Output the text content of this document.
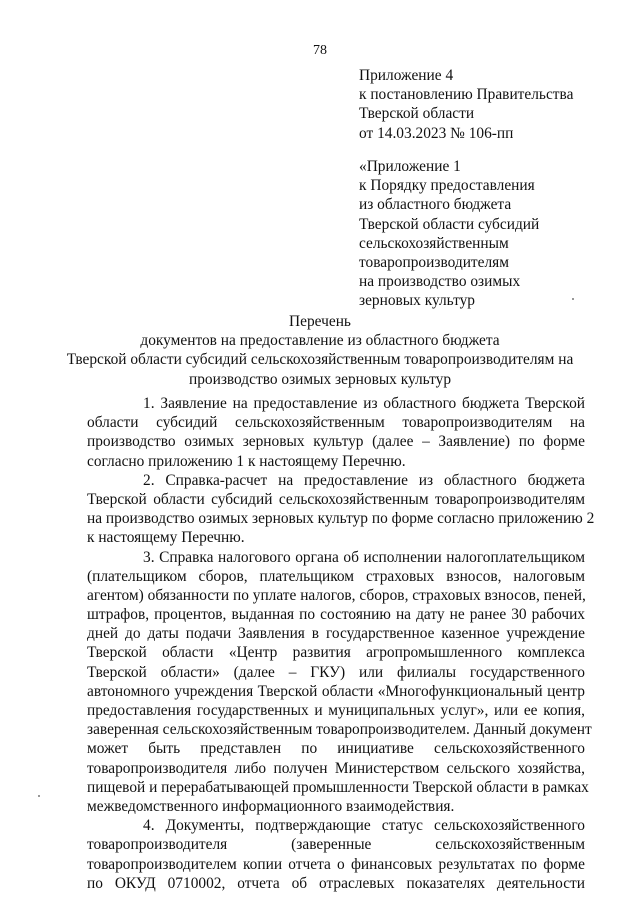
78
Приложение 4
к постановлению Правительства
Тверской области
от 14.03.2023 № 106-пп
«Приложение 1
к Порядку предоставления
из областного бюджета
Тверской области субсидий
сельскохозяйственным
товаропроизводителям
на производство озимых
зерновых культур
Перечень
документов на предоставление из областного бюджета
Тверской области субсидий сельскохозяйственным товаропроизводителям на
производство озимых зерновых культур
1. Заявление на предоставление из областного бюджета Тверской
области субсидий сельскохозяйственным товаропроизводителям на
производство озимых зерновых культур (далее – Заявление) по форме
согласно приложению 1 к настоящему Перечню.
2. Справка-расчет на предоставление из областного бюджета
Тверской области субсидий сельскохозяйственным товаропроизводителям
на производство озимых зерновых культур по форме согласно приложению 2
к настоящему Перечню.
3. Справка налогового органа об исполнении налогоплательщиком
(плательщиком сборов, плательщиком страховых взносов, налоговым
агентом) обязанности по уплате налогов, сборов, страховых взносов, пеней,
штрафов, процентов, выданная по состоянию на дату не ранее 30 рабочих
дней до даты подачи Заявления в государственное казенное учреждение
Тверской области «Центр развития агропромышленного комплекса
Тверской области» (далее – ГКУ) или филиалы государственного
автономного учреждения Тверской области «Многофункциональный центр
предоставления государственных и муниципальных услуг», или ее копия,
заверенная сельскохозяйственным товаропроизводителем. Данный документ
может быть представлен по инициативе сельскохозяйственного
товаропроизводителя либо получен Министерством сельского хозяйства,
пищевой и перерабатывающей промышленности Тверской области в рамках
межведомственного информационного взаимодействия.
4. Документы, подтверждающие статус сельскохозяйственного
товаропроизводителя (заверенные сельскохозяйственным
товаропроизводителем копии отчета о финансовых результатах по форме
по ОКУД 0710002, отчета об отраслевых показателях деятельности
